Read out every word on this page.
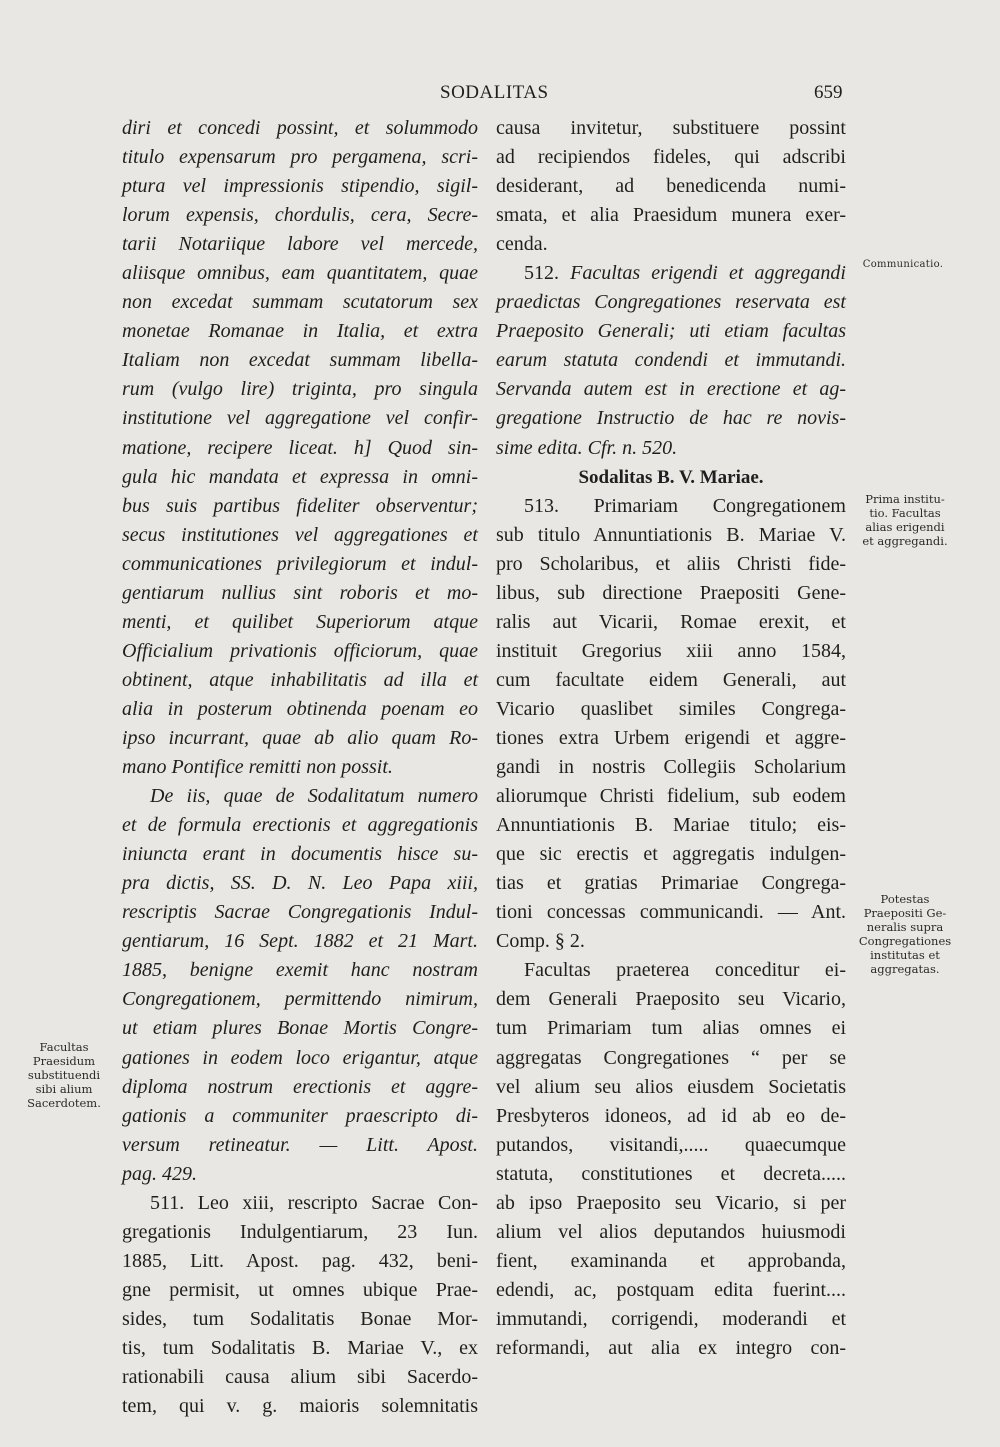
SODALITAS	659
diri et concedi possint, et solummodo
titulo expensarum pro pergamena, scri-
ptura vel impressionis stipendio, sigil-
lorum expensis, chordulis, cera, Secre-
tarii Notariique labore vel mercede,
aliisque omnibus, eam quantitatem, quae
non excedat summam scutatorum sex
monetae Romanae in Italia, et extra
Italiam non excedat summam libella-
rum (vulgo lire) triginta, pro singula
institutione vel aggregatione vel confir-
matione, recipere liceat. h] Quod sin-
gula hic mandata et expressa in omni-
bus suis partibus fideliter observentur;
secus institutiones vel aggregationes et
communicationes privilegiorum et indul-
gentiarum nullius sint roboris et mo-
menti, et quilibet Superiorum atque
Officialium privationis officiorum, quae
obtinent, atque inhabilitatis ad illa et
alia in posterum obtinenda poenam eo
ipso incurrant, quae ab alio quam Ro-
mano Pontifice remitti non possit.
De iis, quae de Sodalitatum numero
et de formula erectionis et aggregationis
iniuncta erant in documentis hisce su-
pra dictis, SS. D. N. Leo Papa xiii,
rescriptis Sacrae Congregationis Indul-
gentiarum, 16 Sept. 1882 et 21 Mart.
1885, benigne exemit hanc nostram
Congregationem, permittendo nimirum,
ut etiam plures Bonae Mortis Congre-
gationes in eodem loco erigantur, atque
diploma nostrum erectionis et aggre-
gationis a communiter praescripto di-
versum retineatur. — Litt. Apost.
pag. 429.
511. Leo xiii, rescripto Sacrae Con-
gregationis Indulgentiarum, 23 Iun.
1885, Litt. Apost. pag. 432, beni-
gne permisit, ut omnes ubique Prae-
sides, tum Sodalitatis Bonae Mor-
tis, tum Sodalitatis B. Mariae V., ex
rationabili causa alium sibi Sacerdo-
tem, qui v. g. maioris solemnitatis
causa invitetur, substituere possint
ad recipiendos fideles, qui adscribi
desiderant, ad benedicenda numi-
smata, et alia Praesidum munera exer-
cenda.
512. Facultas erigendi et aggregandi
praedictas Congregationes reservata est
Praeposito Generali; uti etiam facultas
earum statuta condendi et immutandi.
Servanda autem est in erectione et ag-
gregatione Instructio de hac re novis-
sime edita. Cfr. n. 520.
Sodalitas B. V. Mariae.
513. Primariam Congregationem
sub titulo Annuntiationis B. Mariae V.
pro Scholaribus, et aliis Christi fide-
libus, sub directione Praepositi Gene-
ralis aut Vicarii, Romae erexit, et
instituit Gregorius xiii anno 1584,
cum facultate eidem Generali, aut
Vicario quaslibet similes Congrega-
tiones extra Urbem erigendi et aggre-
gandi in nostris Collegiis Scholarium
aliorumque Christi fidelium, sub eodem
Annuntiationis B. Mariae titulo; eis-
que sic erectis et aggregatis indulgen-
tias et gratias Primariae Congrega-
tioni concessas communicandi. — Ant.
Comp. § 2.
Facultas praeterea conceditur ei-
dem Generali Praeposito seu Vicario,
tum Primariam tum alias omnes ei
aggregatas Congregationes “ per se
vel alium seu alios eiusdem Societatis
Presbyteros idoneos, ad id ab eo de-
putandos, visitandi,..... quaecumque
statuta, constitutiones et decreta.....
ab ipso Praeposito seu Vicario, si per
alium vel alios deputandos huiusmodi
fient, examinanda et approbanda,
edendi, ac, postquam edita fuerint....
immutandi, corrigendi, moderandi et
reformandi, aut alia ex integro con-
Facultas
Praesidum
substituendi
sibi alium
Sacerdotem.
Communicatio.
Prima institu-
tio. Facultas
alias erigendi
et aggregandi.
Potestas
Praepositi Ge-
neralis supra
Congregationes
institutas et
aggregatas.
